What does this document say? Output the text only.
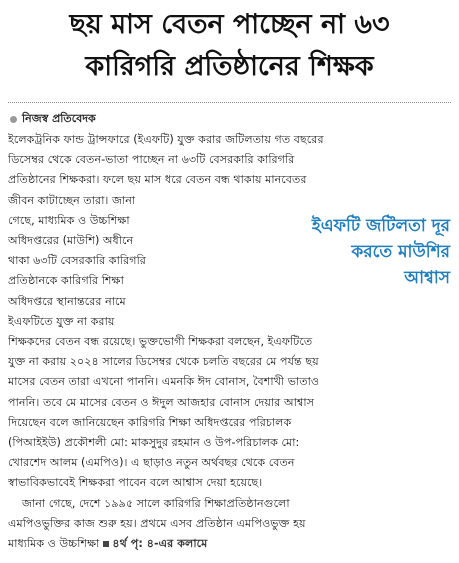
ছয় মাস বেতন পাচ্ছেন না ৬৩
কারিগরি প্রতিষ্ঠানের শিক্ষক
নিজস্ব প্রতিবেদক
ইএফটি জটিলতা দূর
করতে মাউশির
আশ্বাস
ইলেকট্রনিক ফান্ড ট্রান্সফারে (ইএফটি) যুক্ত করার জটিলতায় গত বছরের
ডিসেম্বর থেকে বেতন-ভাতা পাচ্ছেন না ৬৩টি বেসরকারি কারিগরি
প্রতিষ্ঠানের শিক্ষকরা। ফলে ছয় মাস ধরে বেতন বন্ধ থাকায় মানবেতর
জীবন কাটাচ্ছেন তারা। জানা
গেছে, মাধ্যমিক ও উচ্চশিক্ষা
অধিদপ্তরের (মাউশি) অধীনে
থাকা ৬৩টি বেসরকারি কারিগরি
প্রতিষ্ঠানকে কারিগরি শিক্ষা
অধিদপ্তরে স্থানান্তরের নামে
ইএফটিতে যুক্ত না করায়
শিক্ষকদের বেতন বন্ধ রয়েছে। ভুক্তভোগী শিক্ষকরা বলছেন, ইএফটিতে
যুক্ত না করায় ২০২৪ সালের ডিসেম্বর থেকে চলতি বছরের মে পর্যন্ত ছয়
মাসের বেতন তারা এখনো পাননি। এমনকি ঈদ বোনাস, বৈশাখী ভাতাও
পাননি। তবে মে মাসের বেতন ও ঈদুল আজহার বোনাস দেয়ার আশ্বাস
দিয়েছেন বলে জানিয়েছেন কারিগরি শিক্ষা অধিদপ্তরের পরিচালক
(পিআইইউ) প্রকৌশলী মো: মাকসুদুর রহমান ও উপ-পরিচালক মো:
খোরশেদ আলম (এমপিও)। এ ছাড়াও নতুন অর্থবছর থেকে বেতন
স্বাভাবিকভাবেই শিক্ষকরা পাবেন বলে আশ্বাস দেয়া হয়েছে।
জানা গেছে, দেশে ১৯৯৫ সালে কারিগরি শিক্ষাপ্রতিষ্ঠানগুলো
এমপিওভুক্তির কাজ শুরু হয়। প্রথমে এসব প্রতিষ্ঠান এমপিওভুক্ত হয়
মাধ্যমিক ও উচ্চশিক্ষা ৪র্থ পৃ: ৪-এর কলামে
